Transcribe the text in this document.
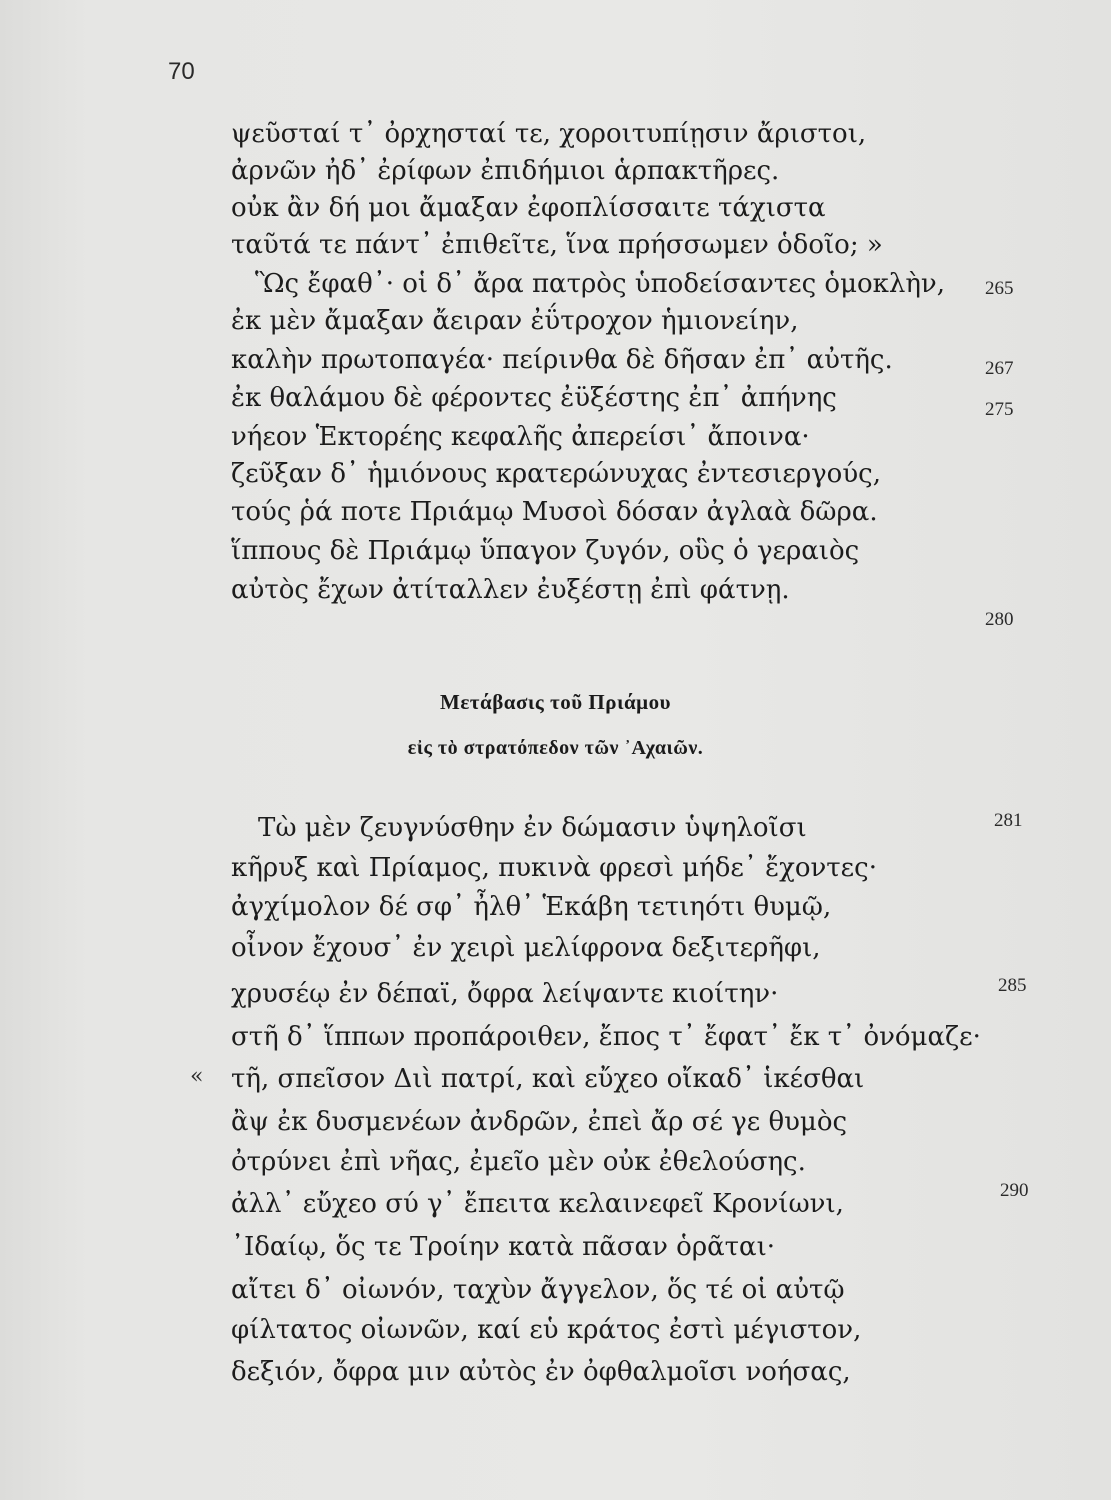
70
ψεῦσταί τ᾽ ὀρχησταί τε, χοροιτυπίῃσιν ἄριστοι,
ἀρνῶν ἠδ᾽ ἐρίφων ἐπιδήμιοι ἁρπακτῆρες.
οὐκ ἂν δή μοι ἄμαξαν ἐφοπλίσσαιτε τάχιστα
ταῦτά τε πάντ᾽ ἐπιθεῖτε, ἵνα πρήσσωμεν ὁδοῖο; »
Ὣς ἔφαθ᾽· οἱ δ᾽ ἄρα πατρὸς ὑποδείσαντες ὁμοκλὴν,
ἐκ μὲν ἄμαξαν ἄειραν ἐΰτροχον ἡμιονείην,
καλὴν πρωτοπαγέα· πείρινθα δὲ δῆσαν ἐπ᾽ αὐτῆς.
ἐκ θαλάμου δὲ φέροντες ἐϋξέστης ἐπ᾽ ἀπήνης
νήεον Ἑκτορέης κεφαλῆς ἀπερείσι᾽ ἄποινα·
ζεῦξαν δ᾽ ἡμιόνους κρατερώνυχας ἐντεσιεργούς,
τούς ῥά ποτε Πριάμῳ Μυσοὶ δόσαν ἀγλαὰ δῶρα.
ἵππους δὲ Πριάμῳ ὕπαγον ζυγόν, οὓς ὁ γεραιὸς
αὐτὸς ἔχων ἀτίταλλεν ἐυξέστῃ ἐπὶ φάτνῃ.
265
267
275
280
Μετάβασις τοῦ Πριάμου
εἰς τὸ στρατόπεδον τῶν ᾽Αχαιῶν.
Τὼ μὲν ζευγνύσθην ἐν δώμασιν ὑψηλοῖσι
κῆρυξ καὶ Πρίαμος, πυκινὰ φρεσὶ μήδε᾽ ἔχοντες·
ἀγχίμολον δέ σφ᾽ ἦλθ᾽ Ἑκάβη τετιηότι θυμῷ,
οἶνον ἔχουσ᾽ ἐν χειρὶ μελίφρονα δεξιτερῆφι,
χρυσέῳ ἐν δέπαϊ, ὄφρα λείψαντε κιοίτην·
στῆ δ᾽ ἵππων προπάροιθεν, ἔπος τ᾽ ἔφατ᾽ ἔκ τ᾽ ὀνόμαζε·
« τῆ, σπεῖσον Διὶ πατρί, καὶ εὔχεο οἴκαδ᾽ ἱκέσθαι
ἂψ ἐκ δυσμενέων ἀνδρῶν, ἐπεὶ ἄρ σέ γε θυμὸς
ὀτρύνει ἐπὶ νῆας, ἐμεῖο μὲν οὐκ ἐθελούσης.
ἀλλ᾽ εὔχεο σύ γ᾽ ἔπειτα κελαινεφεῖ Κρονίωνι,
᾽Ιδαίῳ, ὅς τε Τροίην κατὰ πᾶσαν ὁρᾶται·
αἴτει δ᾽ οἰωνόν, ταχὺν ἄγγελον, ὅς τέ οἱ αὐτῷ
φίλτατος οἰωνῶν, καί εὑ κράτος ἐστὶ μέγιστον,
δεξιόν, ὄφρα μιν αὐτὸς ἐν ὀφθαλμοῖσι νοήσας,
281
285
290
